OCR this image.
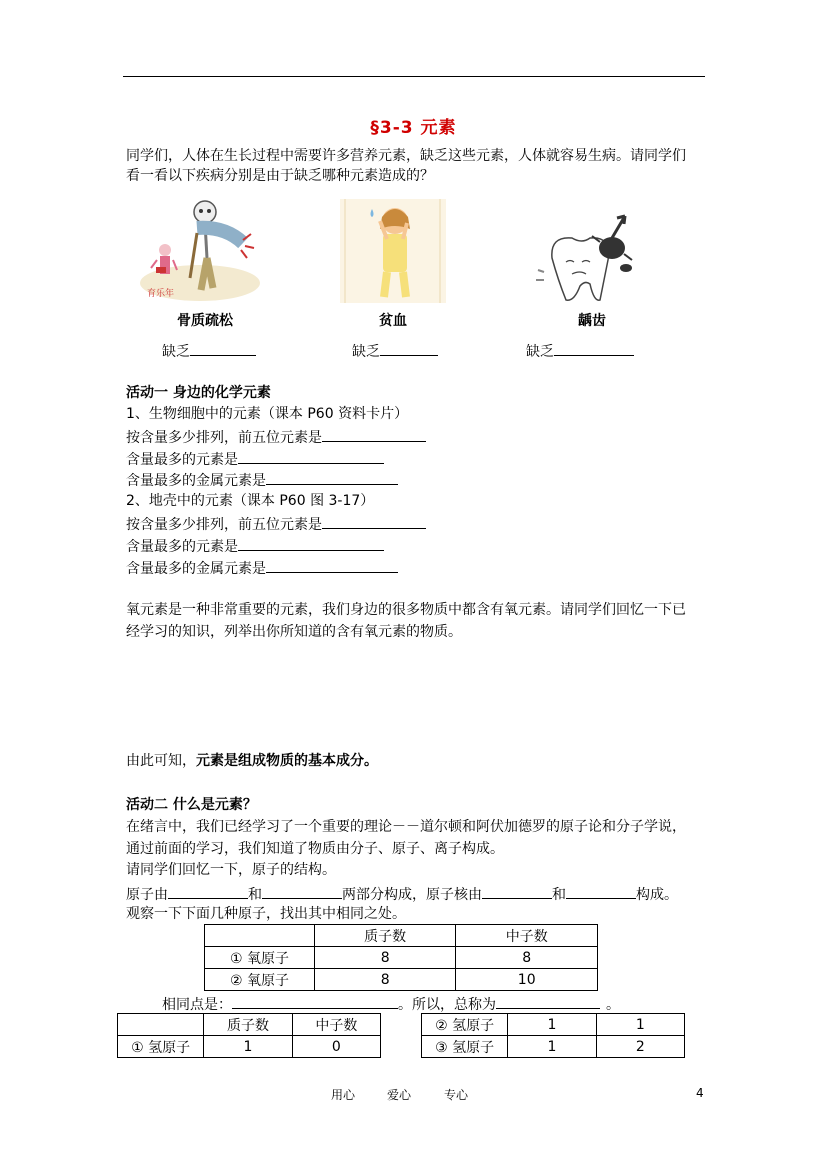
§3-3 元素
同学们，人体在生长过程中需要许多营养元素，缺乏这些元素，人体就容易生病。请同学们
看一看以下疾病分别是由于缺乏哪种元素造成的？
育乐年
骨质疏松	贫血	龋齿
缺乏	缺乏	缺乏
活动一 身边的化学元素
1、生物细胞中的元素（课本 P60 资料卡片）
按含量多少排列，前五位元素是
含量最多的元素是
含量最多的金属元素是
2、地壳中的元素（课本 P60 图 3-17）
按含量多少排列，前五位元素是
含量最多的元素是
含量最多的金属元素是
氧元素是一种非常重要的元素，我们身边的很多物质中都含有氧元素。请同学们回忆一下已
经学习的知识，列举出你所知道的含有氧元素的物质。
由此可知，元素是组成物质的基本成分。
活动二 什么是元素？
在绪言中，我们已经学习了一个重要的理论－－道尔顿和阿伏加德罗的原子论和分子学说，
通过前面的学习，我们知道了物质由分子、原子、离子构成。
请同学们回忆一下，原子的结构。
原子由	和	两部分构成，原子核由	和	构成。
观察一下下面几种原子，找出其中相同之处。
	质子数	中子数
① 氧原子	8	8
② 氧原子	8	10
相同点是：	。所以，总称为	。
	质子数	中子数
① 氢原子	1	0
② 氢原子	1	1
③ 氢原子	1	2
用心	爱心	专心	4
